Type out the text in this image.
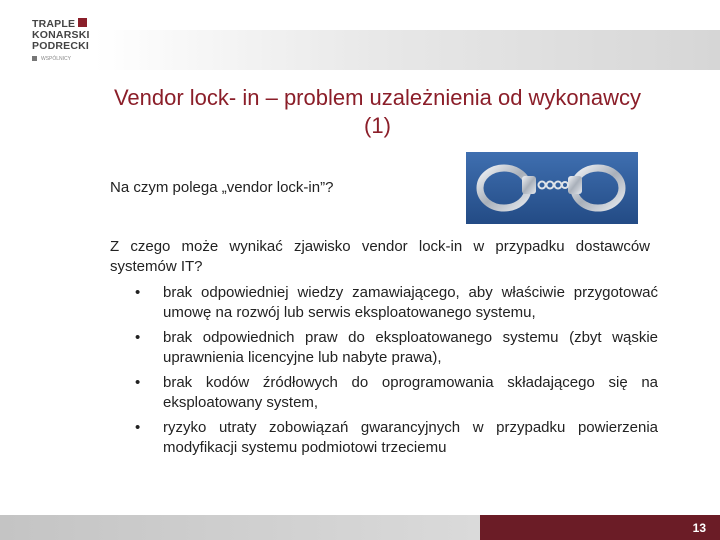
TRAPLE
KONARSKI
PODRECKI
WSPÓLNICY
Vendor lock- in – problem uzależnienia od wykonawcy (1)
Na czym polega „vendor lock-in”?
Z czego może wynikać zjawisko vendor lock-in w przypadku dostawców systemów IT?
• brak odpowiedniej wiedzy zamawiającego, aby właściwie przygotować umowę na rozwój lub serwis eksploatowanego systemu,
• brak odpowiednich praw do eksploatowanego systemu (zbyt wąskie uprawnienia licencyjne lub nabyte prawa),
• brak kodów źródłowych do oprogramowania składającego się na eksploatowany system,
• ryzyko utraty zobowiązań gwarancyjnych w przypadku powierzenia modyfikacji systemu podmiotowi trzeciemu
13
